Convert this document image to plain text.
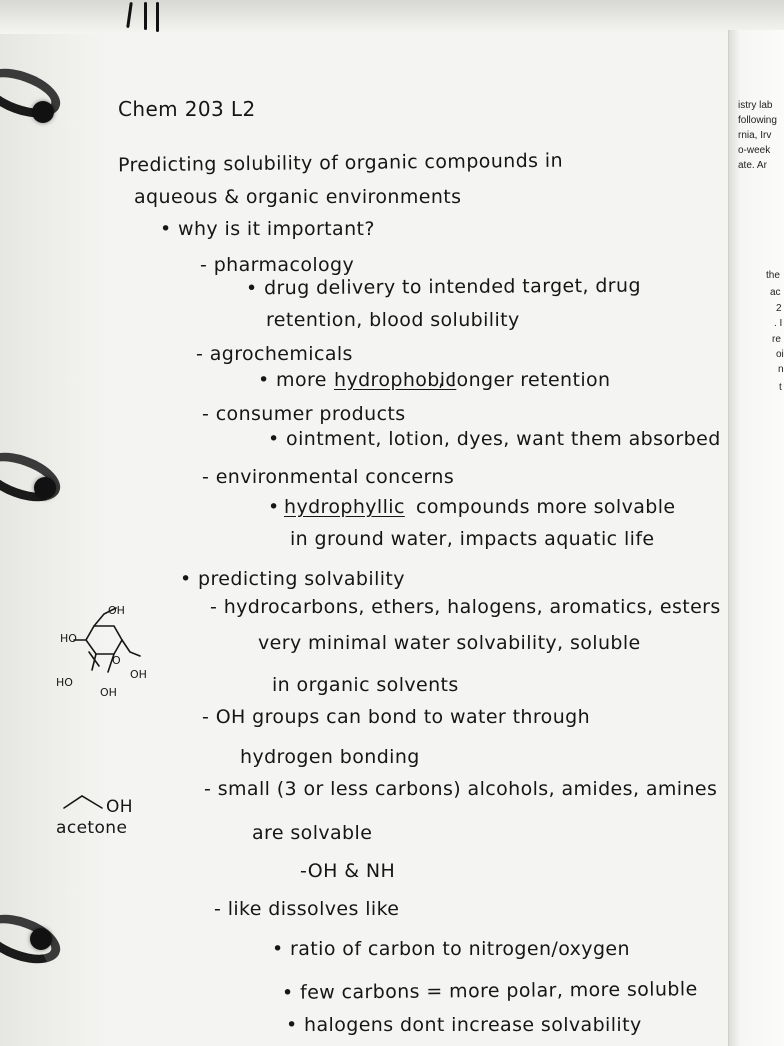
istry lab
following
rnia, Irv
o-week
ate. Ar
the
ac
2
. I
re
oi
n
t
Chem 203 L2
Predicting solubility of organic compounds in
aqueous & organic environments
• why is it important?
- pharmacology
• drug delivery to intended target, drug
retention, blood solubility
- agrochemicals
• more hydrophobic
, longer retention
- consumer products
• ointment, lotion, dyes, want them absorbed
- environmental concerns
• hydrophyllic compounds more solvable
in ground water, impacts aquatic life
• predicting solvability
- hydrocarbons, ethers, halogens, aromatics, esters
very minimal water solvability, soluble
in organic solvents
- OH groups can bond to water through
hydrogen bonding
- small (3 or less carbons) alcohols, amides, amines
are solvable
-OH & NH
- like dissolves like
• ratio of carbon to nitrogen/oxygen
• few carbons = more polar, more soluble
• halogens dont increase solvability
OH
HO
O
OH
HO
OH
OH
acetone
